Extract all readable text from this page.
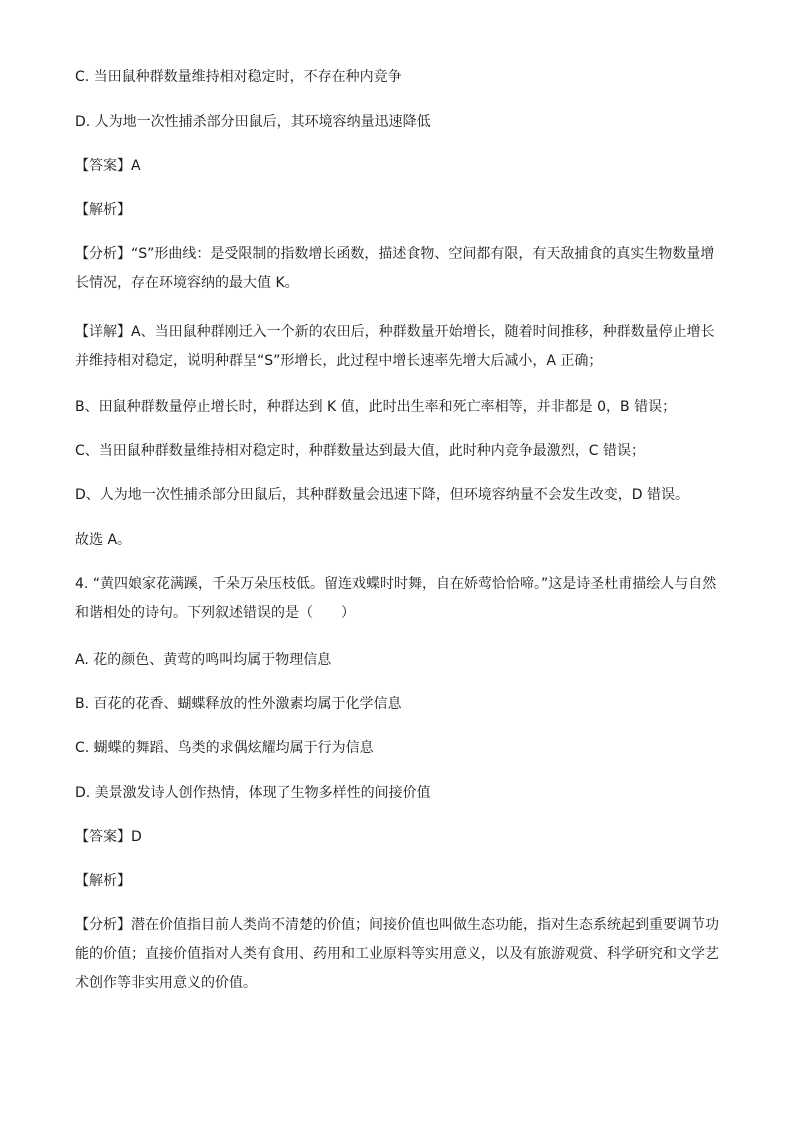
C. 当田鼠种群数量维持相对稳定时，不存在种内竞争
D. 人为地一次性捕杀部分田鼠后，其环境容纳量迅速降低
【答案】A
【解析】
【分析】“S”形曲线：是受限制的指数增长函数，描述食物、空间都有限，有天敌捕食的真实生物数量增长情况，存在环境容纳的最大值 K。
【详解】A、当田鼠种群刚迁入一个新的农田后，种群数量开始增长，随着时间推移，种群数量停止增长并维持相对稳定，说明种群呈“S”形增长，此过程中增长速率先增大后减小，A 正确；
B、田鼠种群数量停止增长时，种群达到 K 值，此时出生率和死亡率相等，并非都是 0，B 错误；
C、当田鼠种群数量维持相对稳定时，种群数量达到最大值，此时种内竞争最激烈，C 错误；
D、人为地一次性捕杀部分田鼠后，其种群数量会迅速下降，但环境容纳量不会发生改变，D 错误。
故选 A。
4. “黄四娘家花满蹊，千朵万朵压枝低。留连戏蝶时时舞，自在娇莺恰恰啼。”这是诗圣杜甫描绘人与自然和谐相处的诗句。下列叙述错误的是（　　）
A. 花的颜色、黄莺的鸣叫均属于物理信息
B. 百花的花香、蝴蝶释放的性外激素均属于化学信息
C. 蝴蝶的舞蹈、鸟类的求偶炫耀均属于行为信息
D. 美景激发诗人创作热情，体现了生物多样性的间接价值
【答案】D
【解析】
【分析】潜在价值指目前人类尚不清楚的价值；间接价值也叫做生态功能，指对生态系统起到重要调节功能的价值；直接价值指对人类有食用、药用和工业原料等实用意义，以及有旅游观赏、科学研究和文学艺术创作等非实用意义的价值。
